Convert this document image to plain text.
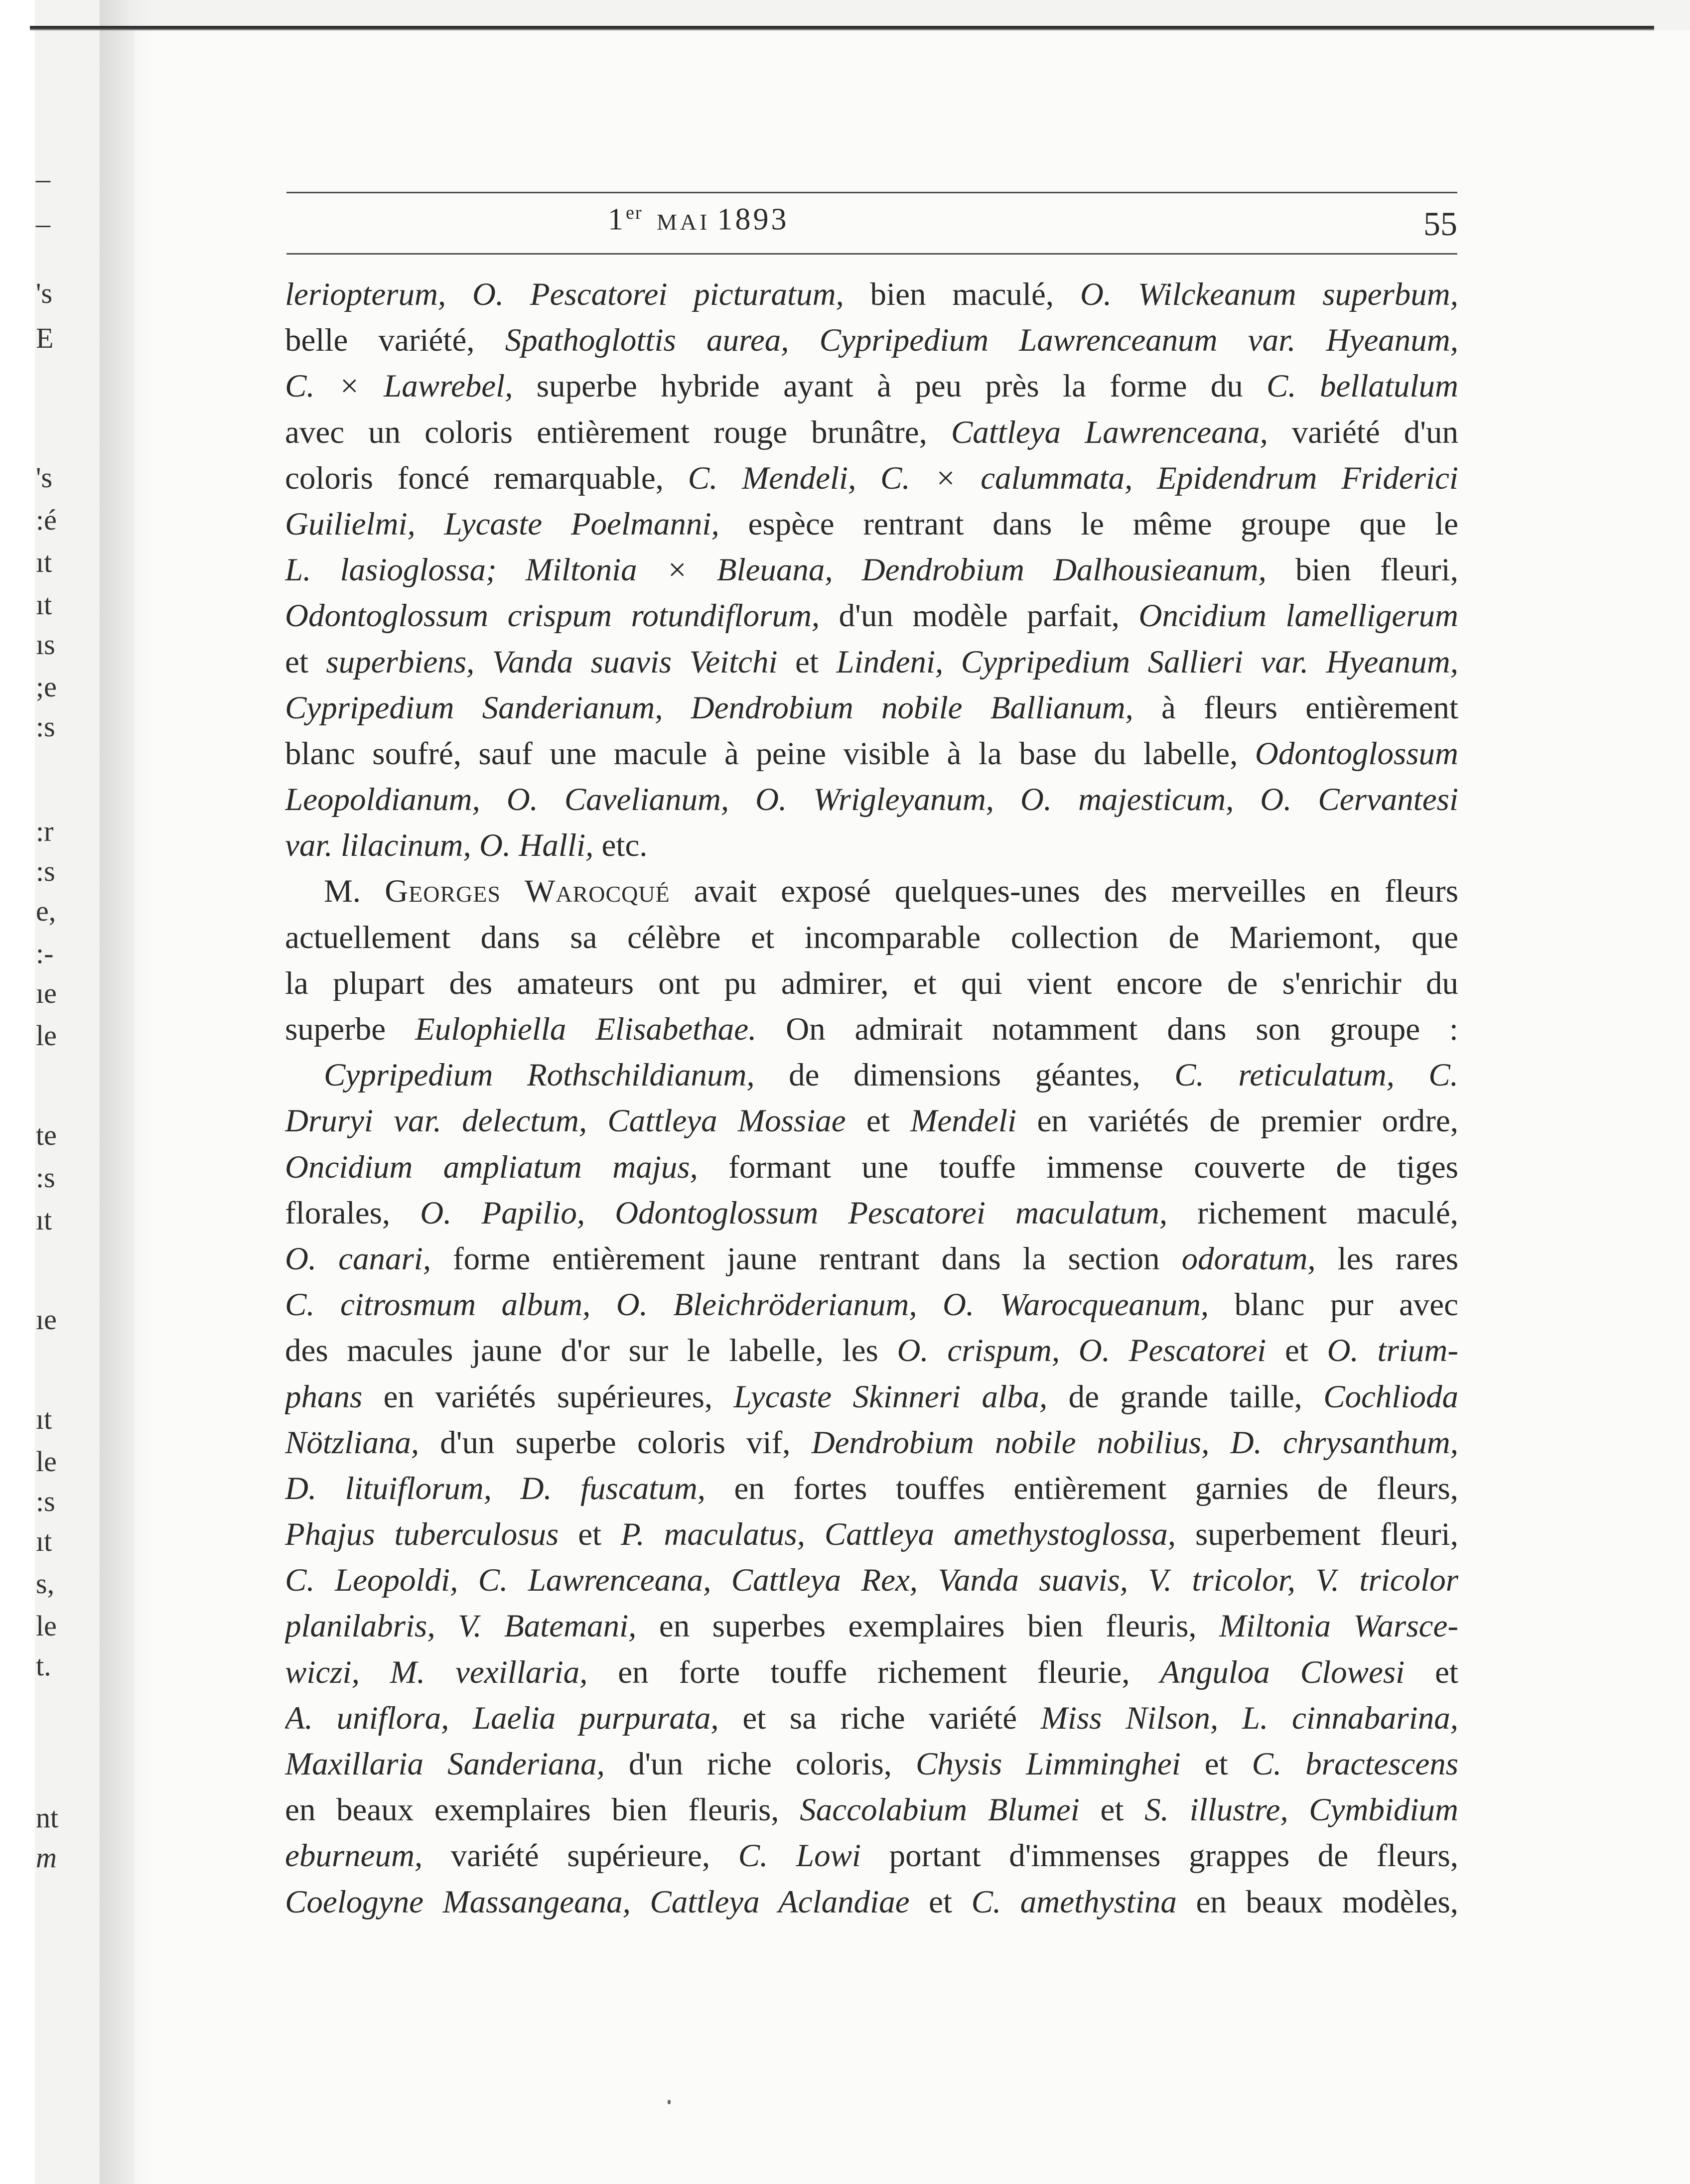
–
–
's
E
's
:é
ıt
ıt
ıs
;e
:s
:r
:s
e,
:-
ıe
le
te
:s
ıt
ıe
ıt
le
:s
ıt
s,
le
t.
nt
m
1er MAI 1893	55
leriopterum, O. Pescatorei picturatum, bien maculé, O. Wilckeanum superbum,
belle variété, Spathoglottis aurea, Cypripedium Lawrenceanum var. Hyeanum,
C. × Lawrebel, superbe hybride ayant à peu près la forme du C. bellatulum
avec un coloris entièrement rouge brunâtre, Cattleya Lawrenceana, variété d'un
coloris foncé remarquable, C. Mendeli, C. × calummata, Epidendrum Friderici
Guilielmi, Lycaste Poelmanni, espèce rentrant dans le même groupe que le
L. lasioglossa; Miltonia × Bleuana, Dendrobium Dalhousieanum, bien fleuri,
Odontoglossum crispum rotundiflorum, d'un modèle parfait, Oncidium lamelligerum
et superbiens, Vanda suavis Veitchi et Lindeni, Cypripedium Sallieri var. Hyeanum,
Cypripedium Sanderianum, Dendrobium nobile Ballianum, à fleurs entièrement
blanc soufré, sauf une macule à peine visible à la base du labelle, Odontoglossum
Leopoldianum, O. Cavelianum, O. Wrigleyanum, O. majesticum, O. Cervantesi
var. lilacinum, O. Halli, etc.
M. Georges Warocqué avait exposé quelques-unes des merveilles en fleurs
actuellement dans sa célèbre et incomparable collection de Mariemont, que
la plupart des amateurs ont pu admirer, et qui vient encore de s'enrichir du
superbe Eulophiella Elisabethae. On admirait notamment dans son groupe :
Cypripedium Rothschildianum, de dimensions géantes, C. reticulatum, C.
Druryi var. delectum, Cattleya Mossiae et Mendeli en variétés de premier ordre,
Oncidium ampliatum majus, formant une touffe immense couverte de tiges
florales, O. Papilio, Odontoglossum Pescatorei maculatum, richement maculé,
O. canari, forme entièrement jaune rentrant dans la section odoratum, les rares
C. citrosmum album, O. Bleichröderianum, O. Warocqueanum, blanc pur avec
des macules jaune d'or sur le labelle, les O. crispum, O. Pescatorei et O. trium-
phans en variétés supérieures, Lycaste Skinneri alba, de grande taille, Cochlioda
Nötzliana, d'un superbe coloris vif, Dendrobium nobile nobilius, D. chrysanthum,
D. lituiflorum, D. fuscatum, en fortes touffes entièrement garnies de fleurs,
Phajus tuberculosus et P. maculatus, Cattleya amethystoglossa, superbement fleuri,
C. Leopoldi, C. Lawrenceana, Cattleya Rex, Vanda suavis, V. tricolor, V. tricolor
planilabris, V. Batemani, en superbes exemplaires bien fleuris, Miltonia Warsce-
wiczi, M. vexillaria, en forte touffe richement fleurie, Anguloa Clowesi et
A. uniflora, Laelia purpurata, et sa riche variété Miss Nilson, L. cinnabarina,
Maxillaria Sanderiana, d'un riche coloris, Chysis Limminghei et C. bractescens
en beaux exemplaires bien fleuris, Saccolabium Blumei et S. illustre, Cymbidium
eburneum, variété supérieure, C. Lowi portant d'immenses grappes de fleurs,
Coelogyne Massangeana, Cattleya Aclandiae et C. amethystina en beaux modèles,
